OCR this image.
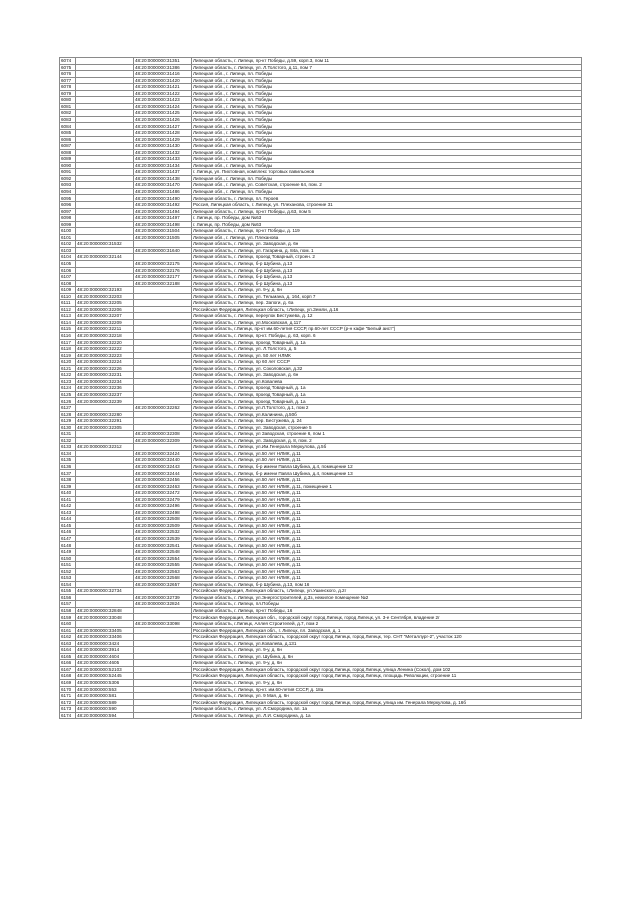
6074		48:20:0000000:31351	Липецкая область, г. Липецк, пр-кт Победы, д.59, корп.3, пом 11
6075		48:20:0000000:31386	Липецкая область, г. Липецк, ул. Л.Толстого, д.11, пом 7
6076		48:20:0000000:31416	Липецкая обл., г. Липецк, пл. Победы
6077		48:20:0000000:31420	Липецкая обл., г. Липецк, пл. Победы
6078		48:20:0000000:31421	Липецкая обл., г. Липецк, пл. Победы
6079		48:20:0000000:31422	Липецкая обл., г. Липецк, пл. Победы
6080		48:20:0000000:31423	Липецкая обл., г. Липецк, пл. Победы
6081		48:20:0000000:31424	Липецкая обл., г. Липецк, пл. Победы
6082		48:20:0000000:31425	Липецкая обл., г. Липецк, пл. Победы
6083		48:20:0000000:31426	Липецкая обл., г. Липецк, пл. Победы
6084		48:20:0000000:31427	Липецкая обл., г. Липецк, пл. Победы
6085		48:20:0000000:31428	Липецкая обл., г. Липецк, пл. Победы
6086		48:20:0000000:31429	Липецкая обл., г. Липецк, пл. Победы
6087		48:20:0000000:31430	Липецкая обл., г. Липецк, пл. Победы
6088		48:20:0000000:31432	Липецкая обл., г. Липецк, пл. Победы
6089		48:20:0000000:31433	Липецкая обл., г. Липецк, пл. Победы
6090		48:20:0000000:31434	Липецкая обл., г. Липецк, пл. Победы
6091		48:20:0000000:31437	г. Липецк, ул. Пихтовная, комплекс торговых павильонов
6092		48:20:0000000:31438	Липецкая обл., г. Липецк, пл. Победы
6093		48:20:0000000:31470	Липецкая обл., г. Липецк, ул. Советская, строение 64, пом. 2
6094		48:20:0000000:31486	Липецкая обл., г. Липецк, пл. Победы
6095		48:20:0000000:31490	Липецкая область, г. Липецк, пл. Героев
6096		48:20:0000000:31492	Россия, Липецкая область, г. Липецк, ул. Плеханова, строение 31
6097		48:20:0000000:31494	Липецкая область, г. Липецк, пр-кт Победы, д.63, пом 5
6098		48:20:0000000:31497	г. Липецк, пр. Победы, дом №63
6099		48:20:0000000:31498	г. Липецк, пр. Победы, дом №63
6100		48:20:0000000:31504	Липецкая область, г. Липецк, пр-кт Победы, д. 119
6101		48:20:0000000:31505	Липецкая обл., г. Липецк, ул. Плеханова
6102	48:20:0000000:31532		Липецкая область, г. Липецк, ул. Заводская, д. 6н
6103		48:20:0000000:31640	Липецкая область, г. Липецк, ул. Гагарина, д. 84а, пом. 1
6104	48:20:0000000:32144		Липецкая область, г. Липецк, проезд Товарный, строен. 2
6105		48:20:0000000:32175	Липецкая область, г. Липецк, б-р Шубина, д.13
6106		48:20:0000000:32176	Липецкая область, г. Липецк, б-р Шубина, д.13
6107		48:20:0000000:32177	Липецкая область, г. Липецк, б-р Шубина, д.13
6108		48:20:0000000:32188	Липецкая область, г. Липецк, б-р Шубина, д.13
6109	48:20:0000000:32193		Липецкая область, г. Липецк, ул. 9-у, д. 6н
6110	48:20:0000000:32203		Липецкая область, г. Липецк, ул. Тельмана, д. 164, корп 7
6111	48:20:0000000:32205		Липецкая область, г. Липецк, пер. Запоги, д. 6а
6112	48:20:0000000:32206		Российская Федерация, Липецкая область, г.Липецк, ул.Земли, д.16
6113	48:20:0000000:32207		Липецкая область, г. Липецк, переулок Бестужева, д. 12
6114	48:20:0000000:32209		Липецкая область, г. Липецк, ул.Московская, д.117
6115	48:20:0000000:32211		Липецкая область, г.Липецк, пр-кт им.60-летия СССР, пр.60-лет СССР (р-н кафе "Белый аист")
6116	48:20:0000000:32218		Липецкая область, г. Липецк, пр-кт. Победы, д. 63, корп. 6
6117	48:20:0000000:32220		Липецкая область, г. Липецк, проезд Товарный, д. 1а
6118	48:20:0000000:32222		Липецкая область, г. Липецк, ул. Л.Толстого, д. 5
6119	48:20:0000000:32223		Липецкая область, г. Липецк, ул. 50 лет НЛМК
6120	48:20:0000000:32224		Липецкая область, г. Липецк, пр 60 лет СССР
6121	48:20:0000000:32226		Липецкая область, г. Липецк, ул. Соколовская, д.32
6122	48:20:0000000:32231		Липецкая область, г. Липецк, ул. Заводская, д. 6н
6123	48:20:0000000:32234		Липецкая область, г. Липецк, ул.Ковалева
6124	48:20:0000000:32236		Липецкая область, г. Липецк, проезд Товарный, д. 1а
6125	48:20:0000000:32237		Липецкая область, г. Липецк, проезд Товарный, д. 1а
6126	48:20:0000000:32239		Липецкая область, г. Липецк, проезд Товарный, д. 1а
6127		48:20:0000000:32262	Липецкая область, г. Липецк, ул.Л.Толстого, д.1, пом 2
6128	48:20:0000000:32280		Липецкая область, г. Липецк, ул.Калинина, д.50б
6129	48:20:0000000:32291		Липецкая область, г. Липецк, пер. Бестужева, д. 24
6130	48:20:0000000:32305		Липецкая область, г. Липецк, ул. Заводская, строение 5
6131		48:20:0000000:32308	Липецкая область, г. Липецк, ул Заводская, строение 6, пом 1
6132		48:20:0000000:32309	Липецкая область, г. Липецк, ул. Заводская, д. 8, пом. 2
6133	48:20:0000000:32312		Липецкая область, г. Липецк, ул.Им.Генерала Меркулова, д.5б
6134		48:20:0000000:32424	Липецкая область, г. Липецк, ул.50 лет НЛМК, д.11
6135		48:20:0000000:32440	Липецкая область, г. Липецк, ул.50 лет НЛМК, д.11
6136		48:20:0000000:32443	Липецкая область, г. Липецк, б-р имени Павла Шубина, д.4, помещение 12
6137		48:20:0000000:32444	Липецкая область, г. Липецк, б-р имени Павла Шубина, д.4, помещение 13
6138		48:20:0000000:32456	Липецкая область, г. Липецк, ул.50 лет НЛМК, д.11
6139		48:20:0000000:32463	Липецкая область, г. Липецк, ул.50 лет НЛМК, д.11, помещение 1
6140		48:20:0000000:32472	Липецкая область, г. Липецк, ул.50 лет НЛМК, д.11
6141		48:20:0000000:32479	Липецкая область, г. Липецк, ул.50 лет НЛМК, д.11
6142		48:20:0000000:32496	Липецкая область, г. Липецк, ул.50 лет НЛМК, д.11
6143		48:20:0000000:32498	Липецкая область, г. Липецк, ул.50 лет НЛМК, д.11
6144		48:20:0000000:32508	Липецкая область, г. Липецк, ул.50 лет НЛМК, д.11
6145		48:20:0000000:32509	Липецкая область, г. Липецк, ул.50 лет НЛМК, д.11
6146		48:20:0000000:32532	Липецкая область, г. Липецк, ул.50 лет НЛМК, д.11
6147		48:20:0000000:32539	Липецкая область, г. Липецк, ул.50 лет НЛМК, д.11
6148		48:20:0000000:32541	Липецкая область, г. Липецк, ул.50 лет НЛМК, д.11
6149		48:20:0000000:32548	Липецкая область, г. Липецк, ул.50 лет НЛМК, д.11
6150		48:20:0000000:32554	Липецкая область, г. Липецк, ул.50 лет НЛМК, д.11
6151		48:20:0000000:32555	Липецкая область, г. Липецк, ул.50 лет НЛМК, д.11
6152		48:20:0000000:32563	Липецкая область, г. Липецк, ул.50 лет НЛМК, д.11
6153		48:20:0000000:32568	Липецкая область, г. Липецк, ул.50 лет НЛМК, д.11
6154		48:20:0000000:32657	Липецкая область, г. Липецк, б-р Шубина, д.13, пом 16
6155	48:20:0000000:32734		Российская Федерация, Липецкая область, г.Липецк, ул.Ушинского, д.2г
6156		48:20:0000000:32739	Липецкая область, г. Липецк, ул.Энергостроителей, д.3з, нежилое помещение №2
6157		48:20:0000000:32824	Липецкая область, г. Липецк, пл.Победы
6158	48:20:0000000:32848		Липецкая область, г. Липецк, пр-кт Победы, 16
6159	48:20:0000000:33048		Российская Федерация, Липецкая обл., городской округ город Липецк, город Липецк, ул. 3-е Сентября, владение 2г
6160		48:20:0000000:33098	Липецкая область, г.Липецк, Аллея Строителей, д.7, пом 2
6161	48:20:0000000:33405		Российская Федерация, Липецкая обл., г. Липецк, пл. Заводская, д. 1
6162	48:20:0000000:33406		Российская Федерация, Липецкая область, городской округ город Липецк, город Липецк, тер. СНТ "Металлург-2", участок 120
6163	48:20:0000000:3424		Липецкая область, г. Липецк, ул.Ковалева, д.131
6164	48:20:0000000:3914		Липецкая область, г. Липецк, ул. 9-у, д. 6н
6165	48:20:0000000:4604		Липецкая область, г. Липецк, ул. Шубина, д. 6н
6166	48:20:0000000:4605		Липецкая область, г. Липецк, ул. 9-у, д. 6н
6167	48:20:0000000:52103		Российская Федерация, Липецкая область, городской округ город Липецк, город Липецк, улица Ленина (Сокол), дом 102
6168	48:20:0000000:52445		Российская Федерация, Липецкая область, городской округ город Липецк, город Липецк, площадь Революции, строение 11
6169	48:20:0000000:5306		Липецкая область, г. Липецк, ул. 9-у, д. 6н
6170	48:20:0000000:553		Липецкая область, г. Липецк, пр-кт. им.60-летия СССР, д. 18а
6171	48:20:0000000:581		Липецкая область, г. Липецк, ул. 9 Мая, д. 6н
6172	48:20:0000000:589		Российская Федерация, Липецкая область, городской округ город Липецк, город Липецк, улица им. Генерала Меркулова, д. 16б
6173	48:20:0000000:590		Липецкая область, г. Липецк, ул. Л.Смородина, вл. 1а
6174	48:20:0000000:594		Липецкая область, г. Липецк, ул. Л.И. Смородина, д. 1а
